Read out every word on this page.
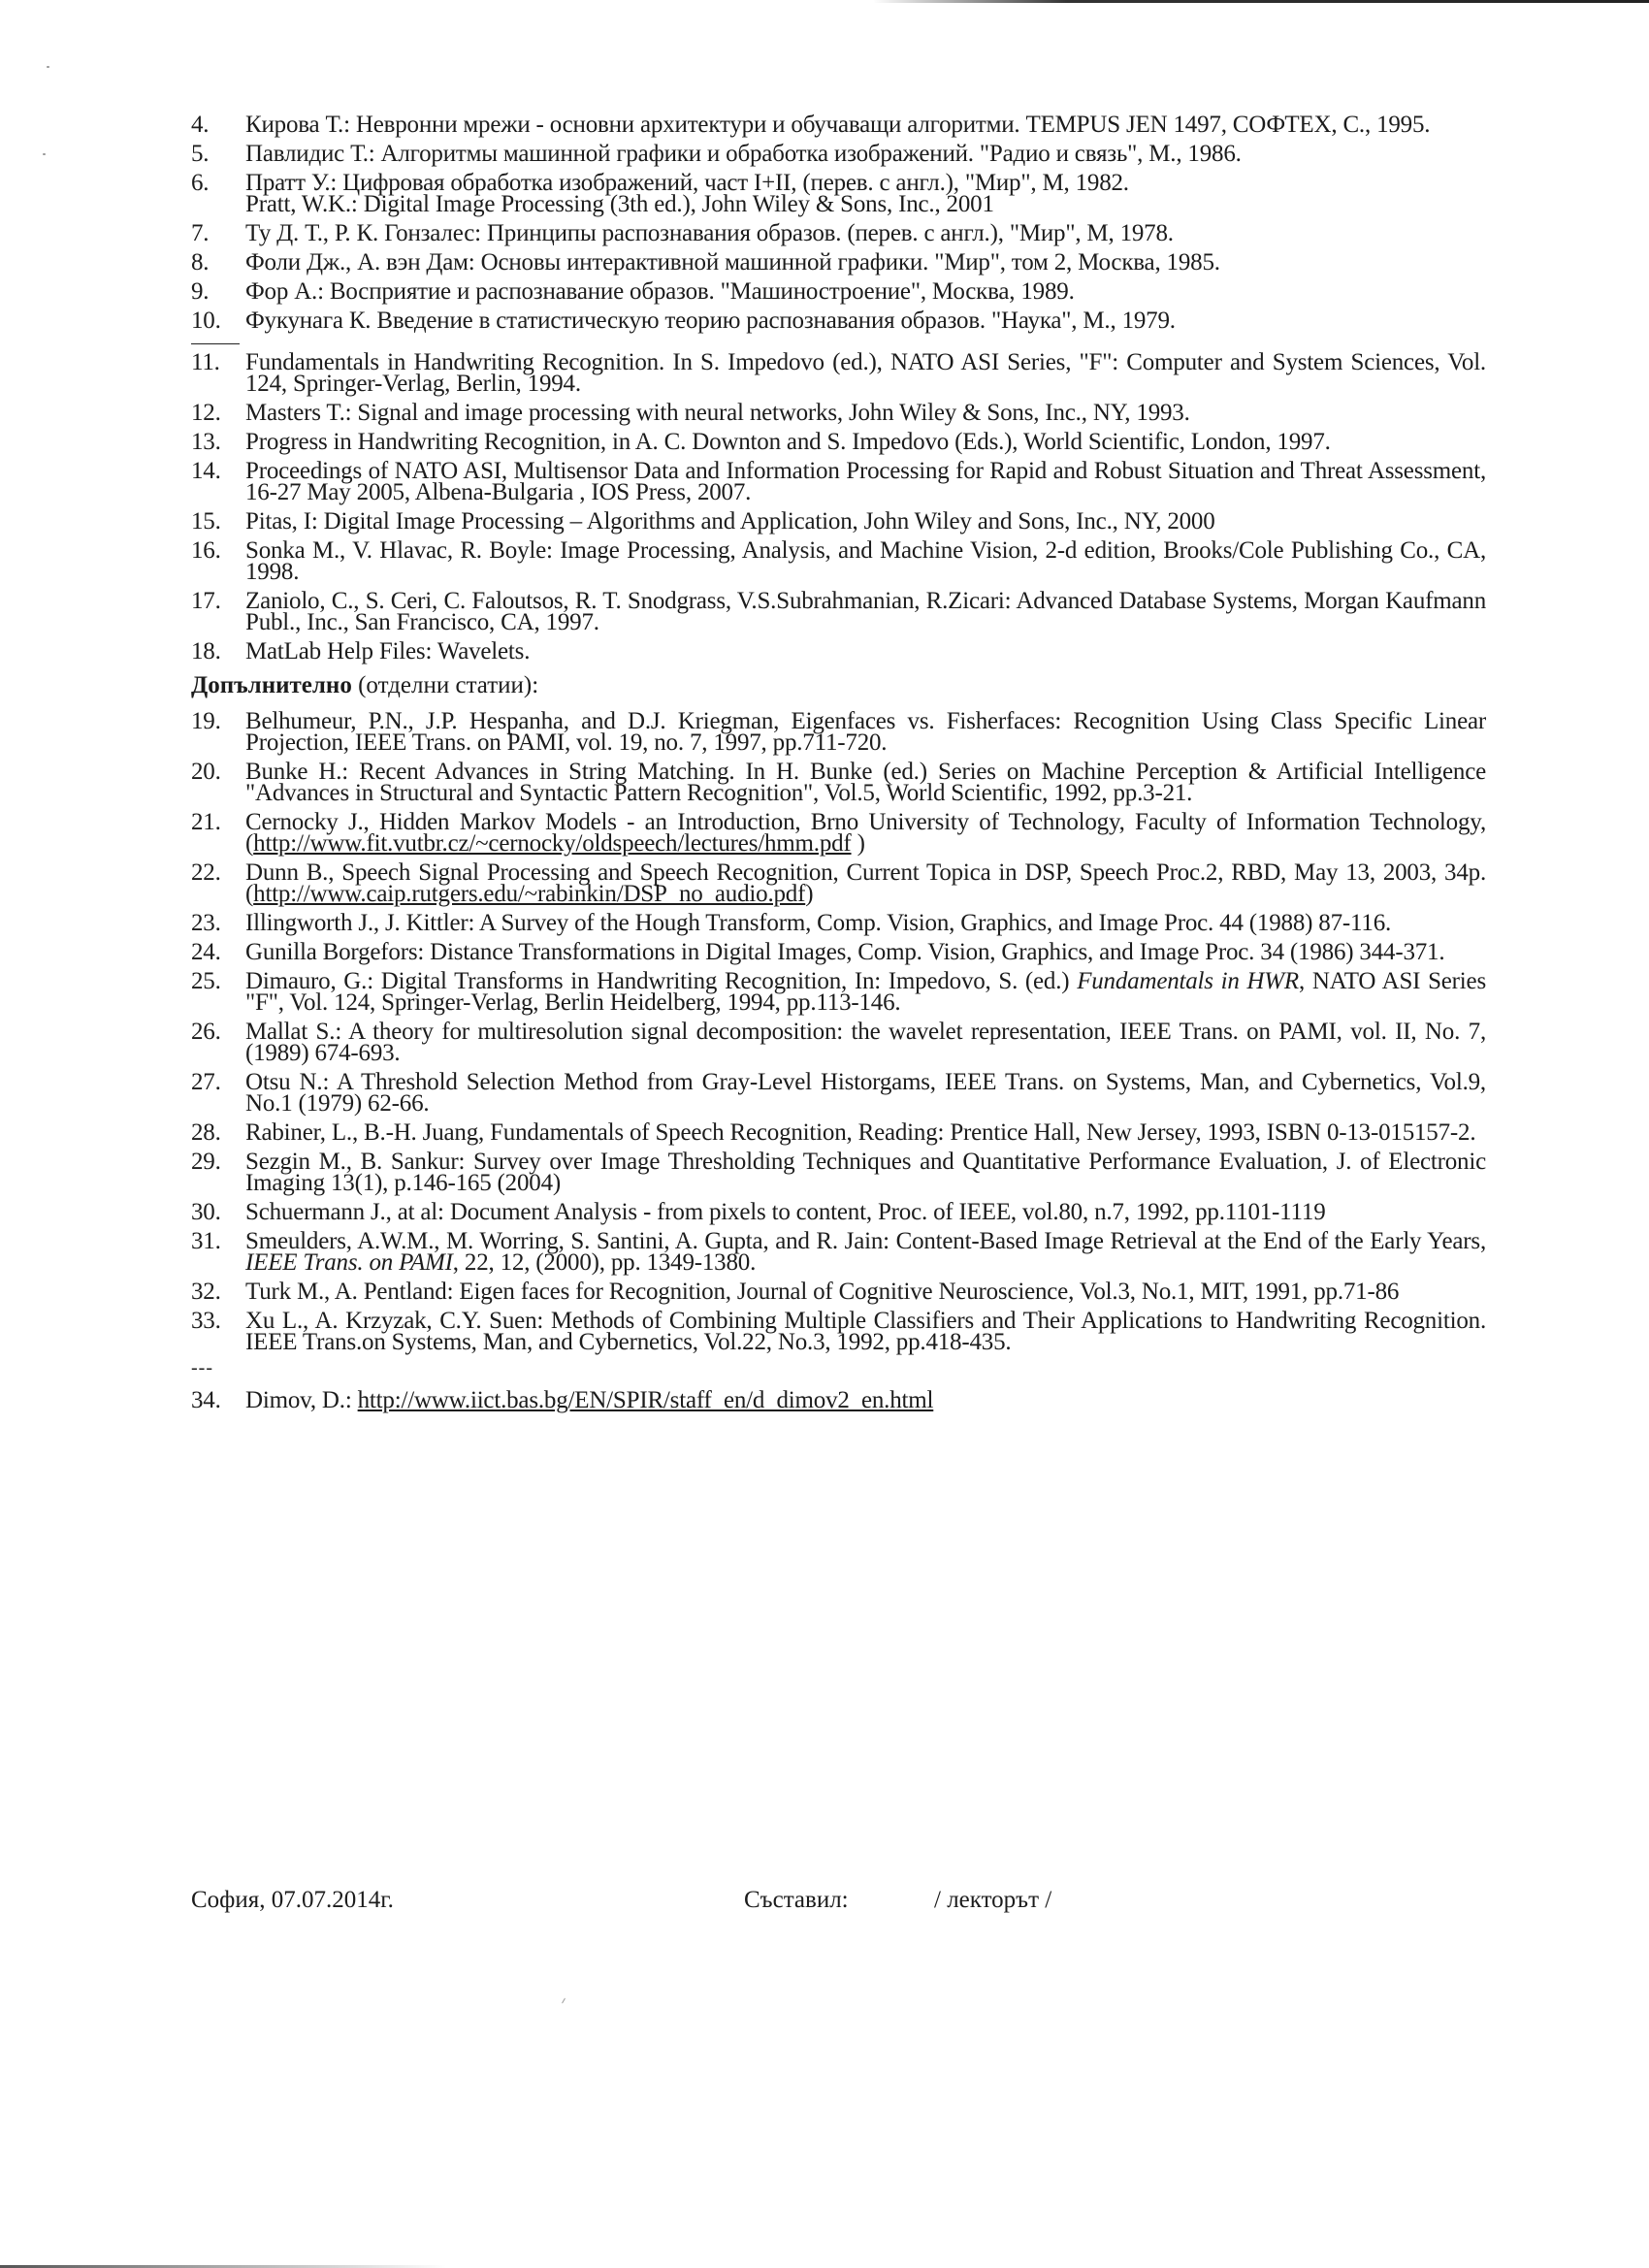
4. Кирова Т.: Невронни мрежи - основни архитектури и обучаващи алгоритми. TEMPUS JEN 1497, СОФТЕХ, С., 1995.
5. Павлидис Т.: Алгоритмы машинной графики и обработка изображений. "Радио и связь", М., 1986.
6. Пратт У.: Цифровая обработка изображений, част I+II, (перев. с англ.), "Мир", М, 1982.
Pratt, W.K.: Digital Image Processing (3th ed.), John Wiley & Sons, Inc., 2001
7. Ту Д. Т., Р. К. Гонзалес: Принципы распознавания образов. (перев. с англ.), "Мир", М, 1978.
8. Фоли Дж., А. вэн Дам: Основы интерактивной машинной графики. "Мир", том 2, Москва, 1985.
9. Фор А.: Восприятие и распознавание образов. "Машиностроение", Москва, 1989.
10. Фукунага К. Введение в статистическую теорию распознавания образов. "Наука", М., 1979.
11. Fundamentals in Handwriting Recognition. In S. Impedovo (ed.), NATO ASI Series, "F": Computer and System Sciences, Vol. 124, Springer-Verlag, Berlin, 1994.
12. Masters T.: Signal and image processing with neural networks, John Wiley & Sons, Inc., NY, 1993.
13. Progress in Handwriting Recognition, in A. C. Downton and S. Impedovo (Eds.), World Scientific, London, 1997.
14. Proceedings of NATO ASI, Multisensor Data and Information Processing for Rapid and Robust Situation and Threat Assessment, 16-27 May 2005, Albena-Bulgaria , IOS Press, 2007.
15. Pitas, I: Digital Image Processing – Algorithms and Application, John Wiley and Sons, Inc., NY, 2000
16. Sonka M., V. Hlavac, R. Boyle: Image Processing, Analysis, and Machine Vision, 2-d edition, Brooks/Cole Publishing Co., CA, 1998.
17. Zaniolo, C., S. Ceri, C. Faloutsos, R. T. Snodgrass, V.S.Subrahmanian, R.Zicari: Advanced Database Systems, Morgan Kaufmann Publ., Inc., San Francisco, CA, 1997.
18. MatLab Help Files: Wavelets.
Допълнително (отделни статии):
19. Belhumeur, P.N., J.P. Hespanha, and D.J. Kriegman, Eigenfaces vs. Fisherfaces: Recognition Using Class Specific Linear Projection, IEEE Trans. on PAMI, vol. 19, no. 7, 1997, pp.711-720.
20. Bunke H.: Recent Advances in String Matching. In H. Bunke (ed.) Series on Machine Perception & Artificial Intelligence "Advances in Structural and Syntactic Pattern Recognition", Vol.5, World Scientific, 1992, pp.3-21.
21. Cernocky J., Hidden Markov Models - an Introduction, Brno University of Technology, Faculty of Information Technology, (http://www.fit.vutbr.cz/~cernocky/oldspeech/lectures/hmm.pdf )
22. Dunn B., Speech Signal Processing and Speech Recognition, Current Topica in DSP, Speech Proc.2, RBD, May 13, 2003, 34p. (http://www.caip.rutgers.edu/~rabinkin/DSP_no_audio.pdf)
23. Illingworth J., J. Kittler: A Survey of the Hough Transform, Comp. Vision, Graphics, and Image Proc. 44 (1988) 87-116.
24. Gunilla Borgefors: Distance Transformations in Digital Images, Comp. Vision, Graphics, and Image Proc. 34 (1986) 344-371.
25. Dimauro, G.: Digital Transforms in Handwriting Recognition, In: Impedovo, S. (ed.) Fundamentals in HWR, NATO ASI Series "F", Vol. 124, Springer-Verlag, Berlin Heidelberg, 1994, pp.113-146.
26. Mallat S.: A theory for multiresolution signal decomposition: the wavelet representation, IEEE Trans. on PAMI, vol. II, No. 7, (1989) 674-693.
27. Otsu N.: A Threshold Selection Method from Gray-Level Historgams, IEEE Trans. on Systems, Man, and Cybernetics, Vol.9, No.1 (1979) 62-66.
28. Rabiner, L., B.-H. Juang, Fundamentals of Speech Recognition, Reading: Prentice Hall, New Jersey, 1993, ISBN 0-13-015157-2.
29. Sezgin M., B. Sankur: Survey over Image Thresholding Techniques and Quantitative Performance Evaluation, J. of Electronic Imaging 13(1), p.146-165 (2004)
30. Schuermann J., at al: Document Analysis - from pixels to content, Proc. of IEEE, vol.80, n.7, 1992, pp.1101-1119
31. Smeulders, A.W.M., M. Worring, S. Santini, A. Gupta, and R. Jain: Content-Based Image Retrieval at the End of the Early Years, IEEE Trans. on PAMI, 22, 12, (2000), pp. 1349-1380.
32. Turk M., A. Pentland: Eigen faces for Recognition, Journal of Cognitive Neuroscience, Vol.3, No.1, MIT, 1991, pp.71-86
33. Xu L., A. Krzyzak, C.Y. Suen: Methods of Combining Multiple Classifiers and Their Applications to Handwriting Recognition. IEEE Trans.on Systems, Man, and Cybernetics, Vol.22, No.3, 1992, pp.418-435.
---
34. Dimov, D.: http://www.iict.bas.bg/EN/SPIR/staff_en/d_dimov2_en.html
София, 07.07.2014г.	Съставил:	/ лекторът /
